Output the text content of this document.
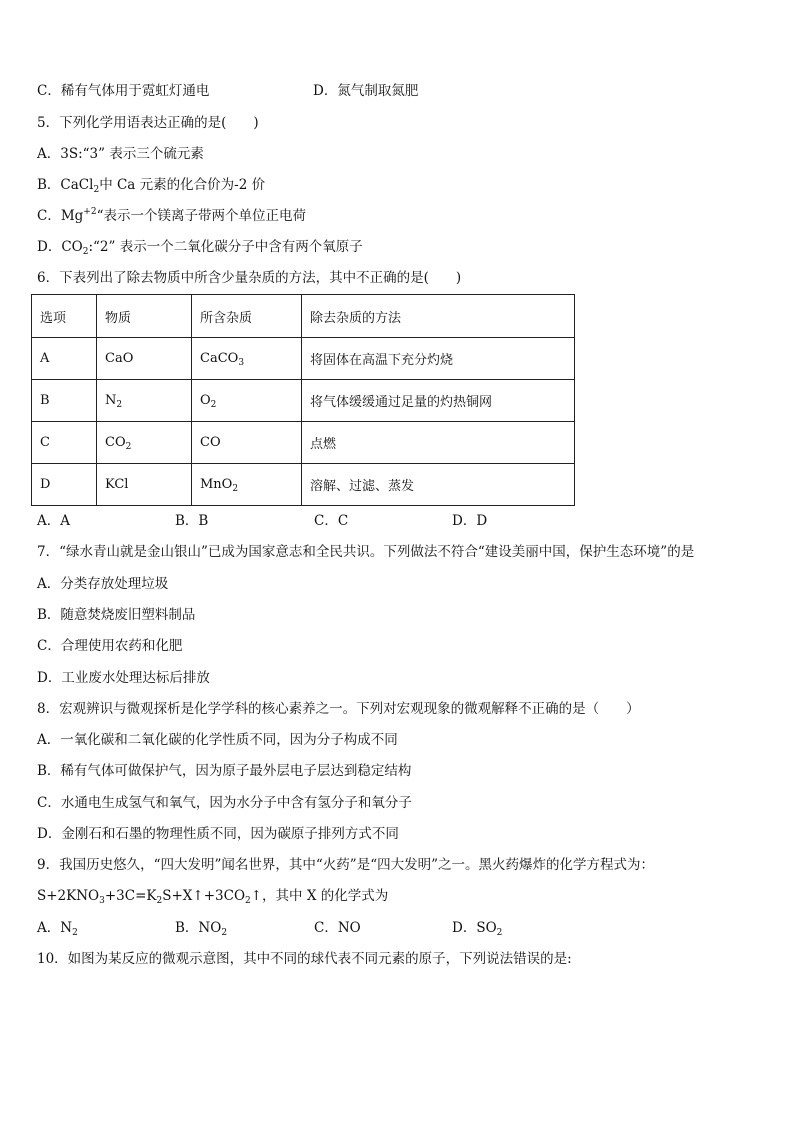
C．稀有气体用于霓虹灯通电	D．氮气制取氮肥
5．下列化学用语表达正确的是(　　)
A．3S:“3” 表示三个硫元素
B．CaCl$_2$中 Ca 元素的化合价为-2 价
C．$Mg^{+2}“$表示一个镁离子带两个单位正电荷
D．$CO_2:“2$” 表示一个二氧化碳分子中含有两个氧原子
6．下表列出了除去物质中所含少量杂质的方法，其中不正确的是(　　)
选项	物质	所含杂质	除去杂质的方法
A	CaO	CaCO$_3$	将固体在高温下充分灼烧
B	$N_2$	$O_2$	将气体缓缓通过足量的灼热铜网
C	$CO_2$	CO	点燃
D	KCl	MnO$_2$	溶解、过滤、蒸发
A．A	B．B	C．C	D．D
7．“绿水青山就是金山银山”已成为国家意志和全民共识。下列做法不符合“建设美丽中国，保护生态环境”的是
A．分类存放处理垃圾
B．随意焚烧废旧塑料制品
C．合理使用农药和化肥
D．工业废水处理达标后排放
8．宏观辨识与微观探析是化学学科的核心素养之一。下列对宏观现象的微观解释不正确的是（　　）
A．一氧化碳和二氧化碳的化学性质不同，因为分子构成不同
B．稀有气体可做保护气，因为原子最外层电子层达到稳定结构
C．水通电生成氢气和氧气，因为水分子中含有氢分子和氧分子
D．金刚石和石墨的物理性质不同，因为碳原子排列方式不同
9．我国历史悠久，“四大发明”闻名世界，其中“火药”是“四大发明”之一。黑火药爆炸的化学方程式为：
$S+2KNO_3+3C=K_2S+X↑+3CO_2↑$，其中 X 的化学式为
A．$N_2$	B．$NO_2$	C．NO	D．$SO_2$
10．如图为某反应的微观示意图，其中不同的球代表不同元素的原子，下列说法错误的是:
